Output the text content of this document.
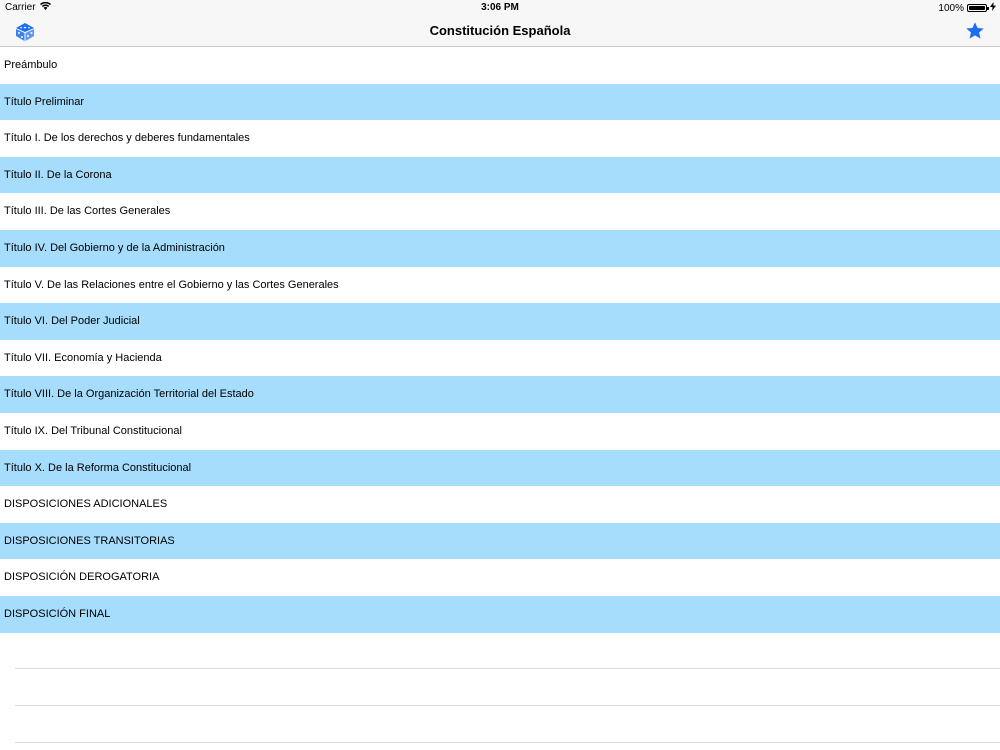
Carrier	3:06 PM	100%
Constitución Española
Preámbulo
Título Preliminar
Título I. De los derechos y deberes fundamentales
Título II. De la Corona
Título III. De las Cortes Generales
Título IV. Del Gobierno y de la Administración
Título V. De las Relaciones entre el Gobierno y las Cortes Generales
Título VI. Del Poder Judicial
Título VII. Economía y Hacienda
Título VIII. De la Organización Territorial del Estado
Título IX. Del Tribunal Constitucional
Título X. De la Reforma Constitucional
DISPOSICIONES ADICIONALES
DISPOSICIONES TRANSITORIAS
DISPOSICIÓN DEROGATORIA
DISPOSICIÓN FINAL
